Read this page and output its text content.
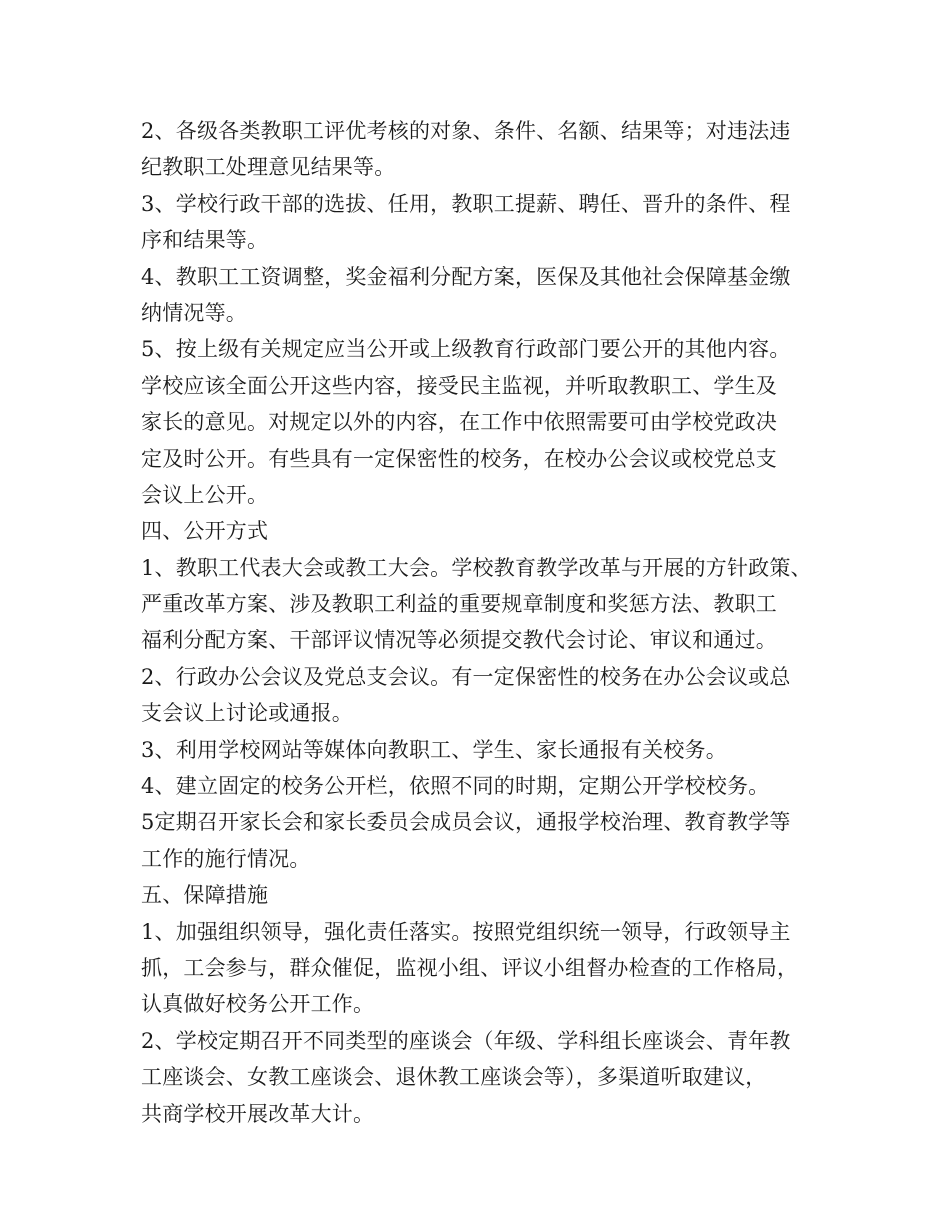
2、各级各类教职工评优考核的对象、条件、名额、结果等；对违法违
纪教职工处理意见结果等。
3、学校行政干部的选拔、任用，教职工提薪、聘任、晋升的条件、程
序和结果等。
4、教职工工资调整，奖金福利分配方案，医保及其他社会保障基金缴
纳情况等。
5、按上级有关规定应当公开或上级教育行政部门要公开的其他内容。
学校应该全面公开这些内容，接受民主监视，并听取教职工、学生及
家长的意见。对规定以外的内容，在工作中依照需要可由学校党政决
定及时公开。有些具有一定保密性的校务，在校办公会议或校党总支
会议上公开。
四、公开方式
1、教职工代表大会或教工大会。学校教育教学改革与开展的方针政策、
严重改革方案、涉及教职工利益的重要规章制度和奖惩方法、教职工
福利分配方案、干部评议情况等必须提交教代会讨论、审议和通过。
2、行政办公会议及党总支会议。有一定保密性的校务在办公会议或总
支会议上讨论或通报。
3、利用学校网站等媒体向教职工、学生、家长通报有关校务。
4、建立固定的校务公开栏，依照不同的时期，定期公开学校校务。
5定期召开家长会和家长委员会成员会议，通报学校治理、教育教学等
工作的施行情况。
五、保障措施
1、加强组织领导，强化责任落实。按照党组织统一领导，行政领导主
抓，工会参与，群众催促，监视小组、评议小组督办检查的工作格局，
认真做好校务公开工作。
2、学校定期召开不同类型的座谈会（年级、学科组长座谈会、青年教
工座谈会、女教工座谈会、退休教工座谈会等），多渠道听取建议，
共商学校开展改革大计。
